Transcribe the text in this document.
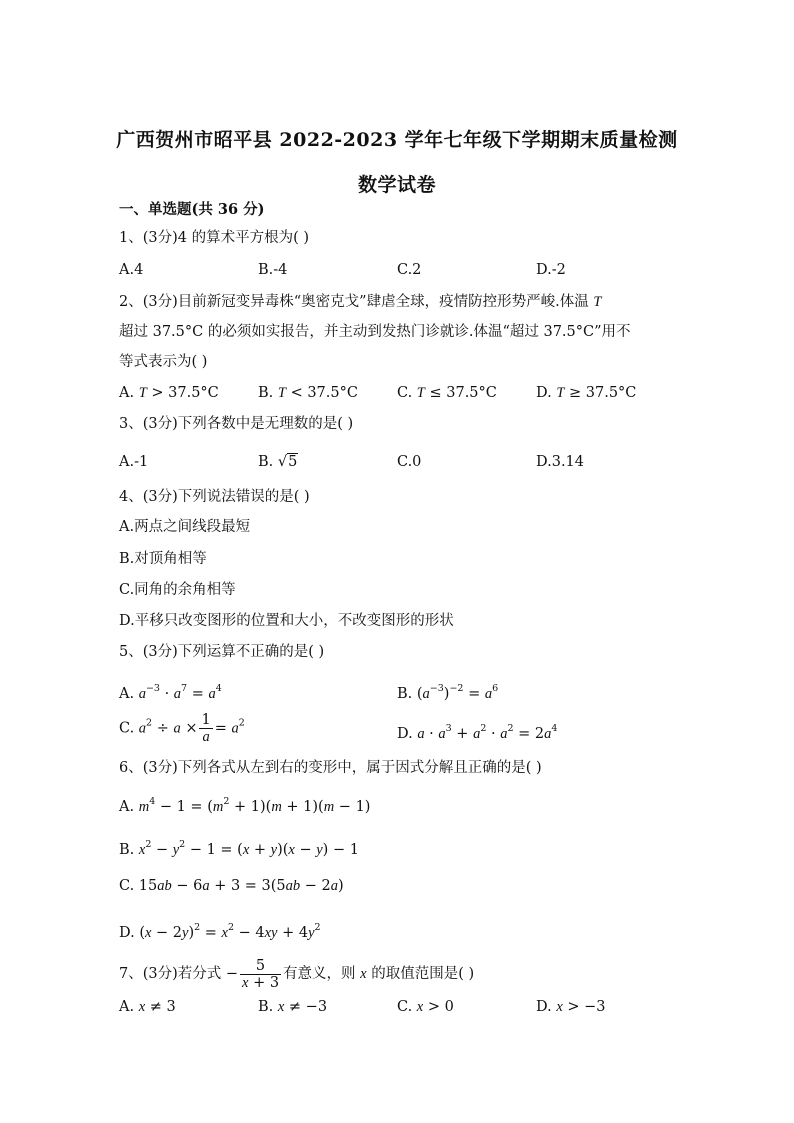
广西贺州市昭平县 2022-2023 学年七年级下学期期末质量检测
数学试卷
一、单选题(共 36 分)
1、(3分)4 的算术平方根为( )
A.4	B.-4	C.2	D.-2
2、(3分)目前新冠变异毒株“奥密克戈”肆虐全球，疫情防控形势严峻.体温 T
超过 37.5°C 的必须如实报告，并主动到发热门诊就诊.体温“超过 37.5°C”用不
等式表示为( )
A. T > 37.5°C	B. T < 37.5°C	C. T ≤ 37.5°C	D. T ≥ 37.5°C
3、(3分)下列各数中是无理数的是( )
A.-1	B. √5	C.0	D.3.14
4、(3分)下列说法错误的是( )
A.两点之间线段最短
B.对顶角相等
C.同角的余角相等
D.平移只改变图形的位置和大小，不改变图形的形状
5、(3分)下列运算不正确的是( )
A. $a^{-3} \cdot a^7 = a^4$	B. $(a^{-3})^{-2} = a^6$
C. $a^2 \div a \times \frac{1}{a} = a^2$
D. $a \cdot a^3 + a^2 \cdot a^2 = 2a^4$
6、(3分)下列各式从左到右的变形中，属于因式分解且正确的是( )
A. $m^4 - 1 = (m^2 + 1)(m + 1)(m - 1)$
B. $x^2 - y^2 - 1 = (x + y)(x - y) - 1$
C. 15ab − 6a + 3 = 3(5ab − 2a)
D. $(x - 2y)^2 = x^2 - 4xy + 4y^2$
7、(3分)若分式 − $\frac{5}{x + 3}$ 有意义，则 x 的取值范围是( )
A. x ≠ 3	B. x ≠ −3	C. x > 0	D. x > −3
